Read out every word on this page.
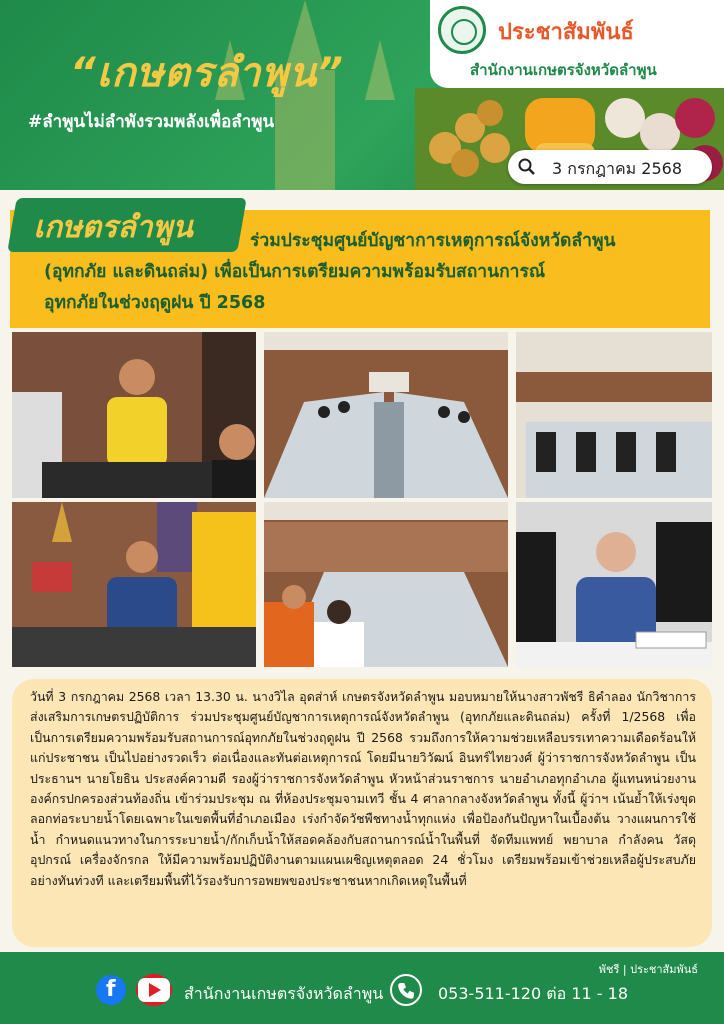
“เกษตรลำพูน”
#ลำพูนไม่ลำพังรวมพลังเพื่อลำพูน
ประชาสัมพันธ์
สำนักงานเกษตรจังหวัดลำพูน
3 กรกฎาคม 2568
เกษตรลำพูน	ร่วมประชุมศูนย์บัญชาการเหตุการณ์จังหวัดลำพูน
(อุทกภัย และดินถล่ม) เพื่อเป็นการเตรียมความพร้อมรับสถานการณ์
อุทกภัยในช่วงฤดูฝน ปี 2568
วันที่ 3 กรกฎาคม 2568 เวลา 13.30 น. นางวิไล อุดส่าห์ เกษตรจังหวัดลำพูน มอบหมายให้นางสาวพัชรี ธิคำลอง นักวิชาการส่งเสริมการเกษตรปฏิบัติการ ร่วมประชุมศูนย์บัญชาการเหตุการณ์จังหวัดลำพูน (อุทกภัยและดินถล่ม) ครั้งที่ 1/2568 เพื่อเป็นการเตรียมความพร้อมรับสถานการณ์อุทกภัยในช่วงฤดูฝน ปี 2568 รวมถึงการให้ความช่วยเหลือบรรเทาความเดือดร้อนให้แก่ประชาชน เป็นไปอย่างรวดเร็ว ต่อเนื่องและทันต่อเหตุการณ์ โดยมีนายวิวัฒน์ อินทร์ไทยวงศ์ ผู้ว่าราชการจังหวัดลำพูน เป็นประธานฯ นายโยธิน ประสงค์ความดี รองผู้ว่าราชการจังหวัดลำพูน หัวหน้าส่วนราชการ นายอำเภอทุกอำเภอ ผู้แทนหน่วยงาน องค์กรปกครองส่วนท้องถิ่น เข้าร่วมประชุม ณ ที่ห้องประชุมจามเทวี ชั้น 4 ศาลากลางจังหวัดลำพูน ทั้งนี้ ผู้ว่าฯ เน้นย้ำให้เร่งขุดลอกท่อระบายน้ำโดยเฉพาะในเขตพื้นที่อำเภอเมือง เร่งกำจัดวัชพืชทางน้ำทุกแห่ง เพื่อป้องกันปัญหาในเบื้องต้น วางแผนการใช้น้ำ กำหนดแนวทางในการระบายน้ำ/กักเก็บน้ำให้สอดคล้องกับสถานการณ์น้ำในพื้นที่ จัดทีมแพทย์ พยาบาล กำลังคน วัสดุ อุปกรณ์ เครื่องจักรกล ให้มีความพร้อมปฏิบัติงานตามแผนเผชิญเหตุตลอด 24 ชั่วโมง เตรียมพร้อมเข้าช่วยเหลือผู้ประสบภัยอย่างทันท่วงที และเตรียมพื้นที่ไว้รองรับการอพยพของประชาชนหากเกิดเหตุในพื้นที่
พัชรี | ประชาสัมพันธ์
f	สำนักงานเกษตรจังหวัดลำพูน	053-511-120 ต่อ 11 - 18
